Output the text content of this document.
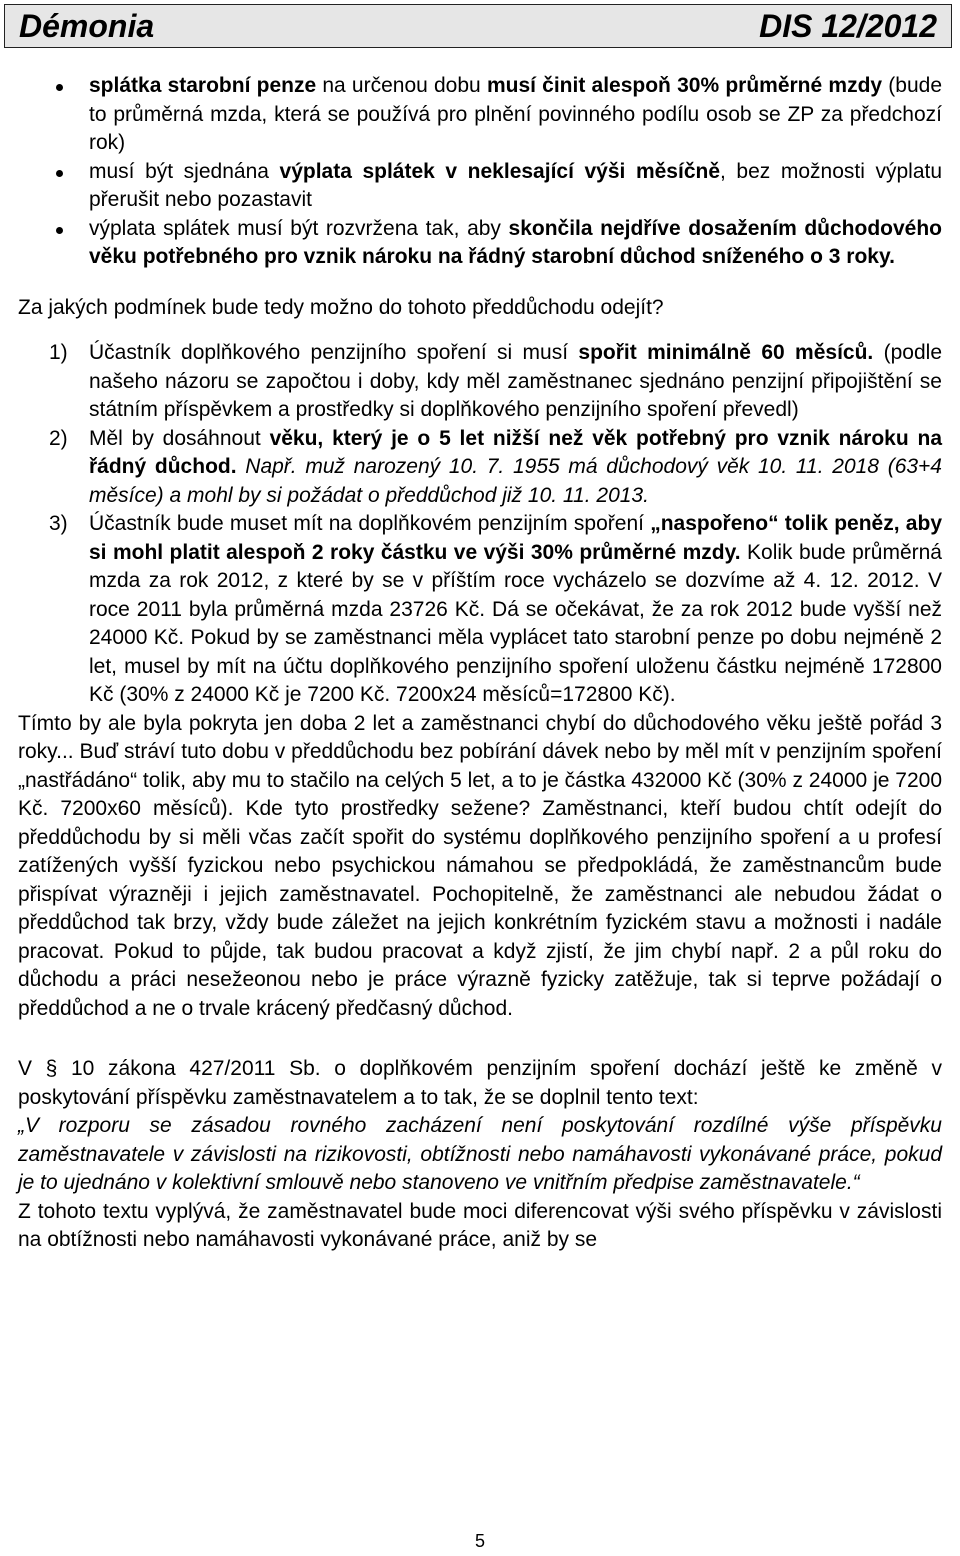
Démonia	DIS 12/2012
splátka starobní penze na určenou dobu musí činit alespoň 30% průměrné mzdy (bude to průměrná mzda, která se používá pro plnění povinného podílu osob se ZP za předchozí rok)
musí být sjednána výplata splátek v neklesající výši měsíčně, bez možnosti výplatu přerušit nebo pozastavit
výplata splátek musí být rozvržena tak, aby skončila nejdříve dosažením důchodového věku potřebného pro vznik nároku na řádný starobní důchod sníženého o 3 roky.

Za jakých podmínek bude tedy možno do tohoto předdůchodu odejít?

1) Účastník doplňkového penzijního spoření si musí spořit minimálně 60 měsíců. (podle našeho názoru se započtou i doby, kdy měl zaměstnanec sjednáno penzijní připojištění se státním příspěvkem a prostředky si doplňkového penzijního spoření převedl)
2) Měl by dosáhnout věku, který je o 5 let nižší než věk potřebný pro vznik nároku na řádný důchod. Např. muž narozený 10. 7. 1955 má důchodový věk 10. 11. 2018 (63+4 měsíce) a mohl by si požádat o předdůchod již 10. 11. 2013.
3) Účastník bude muset mít na doplňkovém penzijním spoření „naspořeno“ tolik peněz, aby si mohl platit alespoň 2 roky částku ve výši 30% průměrné mzdy. Kolik bude průměrná mzda za rok 2012, z které by se v příštím roce vycházelo se dozvíme až 4. 12. 2012. V roce 2011 byla průměrná mzda 23726 Kč. Dá se očekávat, že za rok 2012 bude vyšší než 24000 Kč. Pokud by se zaměstnanci měla vyplácet tato starobní penze po dobu nejméně 2 let, musel by mít na účtu doplňkového penzijního spoření uloženu částku nejméně 172800 Kč (30% z 24000 Kč je 7200 Kč. 7200x24 měsíců=172800 Kč).

Tímto by ale byla pokryta jen doba 2 let a zaměstnanci chybí do důchodového věku ještě pořád 3 roky... Buď stráví tuto dobu v předdůchodu bez pobírání dávek nebo by měl mít v penzijním spoření „nastřádáno“ tolik, aby mu to stačilo na celých 5 let, a to je částka 432000 Kč (30% z 24000 je 7200 Kč. 7200x60 měsíců). Kde tyto prostředky sežene? Zaměstnanci, kteří budou chtít odejít do předdůchodu by si měli včas začít spořit do systému doplňkového penzijního spoření a u profesí zatížených vyšší fyzickou nebo psychickou námahou se předpokládá, že zaměstnancům bude přispívat výrazněji i jejich zaměstnavatel. Pochopitelně, že zaměstnanci ale nebudou žádat o předdůchod tak brzy, vždy bude záležet na jejich konkrétním fyzickém stavu a možnosti i nadále pracovat. Pokud to půjde, tak budou pracovat a když zjistí, že jim chybí např. 2 a půl roku do důchodu a práci nesežeonou nebo je práce výrazně fyzicky zatěžuje, tak si teprve požádají o předdůchod a ne o trvale krácený předčasný důchod.

V § 10 zákona 427/2011 Sb. o doplňkovém penzijním spoření dochází ještě ke změně v poskytování příspěvku zaměstnavatelem a to tak, že se doplnil tento text:

„V rozporu se zásadou rovného zacházení není poskytování rozdílné výše příspěvku zaměstnavatele v závislosti na rizikovosti, obtížnosti nebo namáhavosti vykonávané práce, pokud je to ujednáno v kolektivní smlouvě nebo stanoveno ve vnitřním předpise zaměstnavatele.“

Z tohoto textu vyplývá, že zaměstnavatel bude moci diferencovat výši svého příspěvku v závislosti na obtížnosti nebo namáhavosti vykonávané práce, aniž by se

5
